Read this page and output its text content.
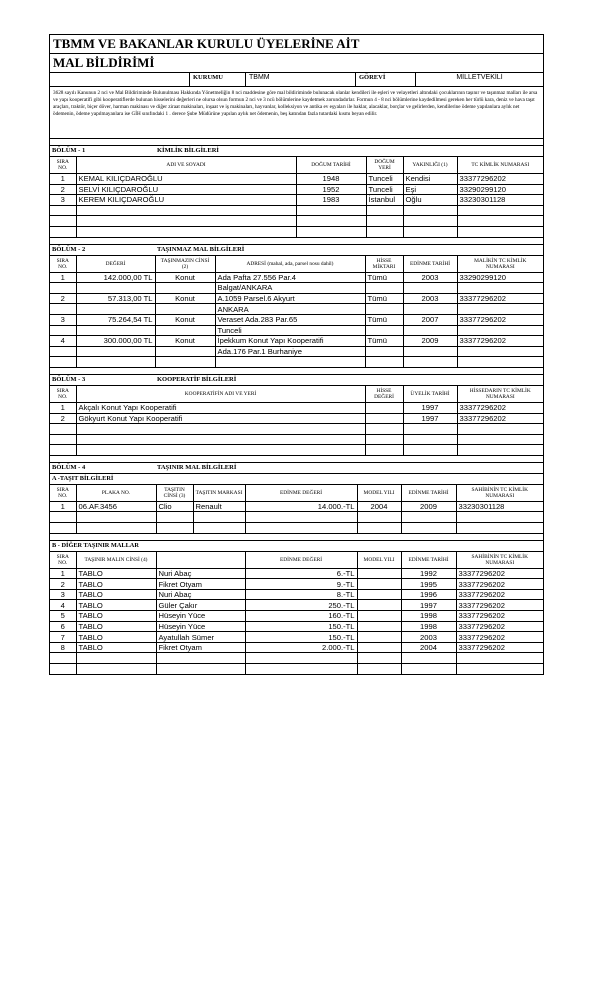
TBMM VE BAKANLAR KURULU ÜYELERİNE AİT
MAL BİLDİRİMİ
KURUMU	TBMM	GÖREVİ	MİLLETVEKİLİ
3628 sayılı Kanunun 2 nci ve Mal Bildiriminde Bulunulması Hakkında Yönetmeliğin 8 nci maddesine göre mal bildiriminde bulunacak olanlar kendileri ile eşleri ve velayetleri altındaki çocuklarının taşınır ve taşınmaz malları ile arsa ve yapı kooperatifi gibi kooperatiflerde bulunan hisselerini değerleri ne olursa olsun formun 2 nci ve 3 ncü bölümlerine kaydetmek zorundadırlar. Formun 4 - 8 nci bölümlerine kaydedilmesi gereken her türlü kara, deniz ve hava taşıt araçları, traktör, biçer döver, harman makinası ve diğer ziraat makinaları, inşaat ve iş makinaları, hayvanlar, kolleksiyon ve antika ev eşyaları ile haklar, alacaklar, borçlar ve gelirlerden, kendilerine ödeme yapılanlara aylık net ödemenin, ödeme yapılmayanlara ise GİH sınıfındaki 1 . derece Şube Müdürüne yapılan aylık net ödemenin, beş katından fazla tutardaki kısmı beyan edilir.
BÖLÜM - 1	KİMLİK BİLGİLERİ
SIRA NO.	ADI VE SOYADI	DOĞUM TARİHİ	DOĞUM YERİ	YAKINLIĞI (1)	TC KİMLİK NUMARASI
1	KEMAL KILIÇDAROĞLU	1948	Tunceli	Kendisi	33377296202
2	SELVİ KILIÇDAROĞLU	1952	Tunceli	Eşi	33290299120
3	KEREM KILIÇDAROĞLU	1983	İstanbul	Oğlu	33230301128

BÖLÜM - 2	TAŞINMAZ MAL BİLGİLERİ
SIRA NO.	DEĞERİ	TAŞINMAZIN CİNSİ (2)	ADRESİ (mahal, ada, parsel nosu dahil)	HİSSE MİKTARI	EDİNME TARİHİ	MALİKİN TC KİMLİK NUMARASI
1	142.000,00 TL	Konut	Ada Pafta 27.556 Par.4	Tümü	2003	33290299120
			Balgat/ANKARA			
2	57.313,00 TL	Konut	A.1059 Parsel.6 Akyurt	Tümü	2003	33377296202
			ANKARA			
3	75.264,54 TL	Konut	Veraset Ada.283 Par.65	Tümü	2007	33377296202
			Tunceli			
4	300.000,00 TL	Konut	İpekkum Konut Yapı Kooperatifi	Tümü	2009	33377296202
			Ada.176 Par.1 Burhaniye			

BÖLÜM - 3	KOOPERATİF BİLGİLERİ
SIRA NO.	KOOPERATİFİN ADI VE YERİ	HİSSE DEĞERİ	ÜYELİK TARİHİ	HİSSEDARIN TC KİMLİK NUMARASI
1	Akçalı Konut Yapı Kooperatifi		1997	33377296202
2	Gökyurt Konut Yapı Kooperatifi		1997	33377296202

BÖLÜM - 4	TAŞINIR MAL BİLGİLERİ
A -TAŞIT BİLGİLERİ
SIRA NO.	PLAKA NO.	TAŞITIN CİNSİ (3)	TAŞITIN MARKASI	EDİNME DEĞERİ	MODEL YILI	EDİNME TARİHİ	SAHİBİNİN TC KİMLİK NUMARASI
1	06.AF.3456	Clio	Renault	14.000.-TL	2004	2009	33230301128

B - DİĞER TAŞINIR MALLAR
SIRA NO.	TAŞINIR MALIN CİNSİ (4)		EDİNME DEĞERİ	MODEL YILI	EDİNME TARİHİ	SAHİBİNİN TC KİMLİK NUMARASI
1	TABLO	Nuri Abaç	6.-TL		1992	33377296202
2	TABLO	Fikret Otyam	9.-TL		1995	33377296202
3	TABLO	Nuri Abaç	8.-TL		1996	33377296202
4	TABLO	Güler Çakır	250.-TL		1997	33377296202
5	TABLO	Hüseyin Yüce	160.-TL		1998	33377296202
6	TABLO	Hüseyin Yüce	150.-TL		1998	33377296202
7	TABLO	Ayatullah Sümer	150.-TL		2003	33377296202
8	TABLO	Fikret Otyam	2.000.-TL		2004	33377296202
